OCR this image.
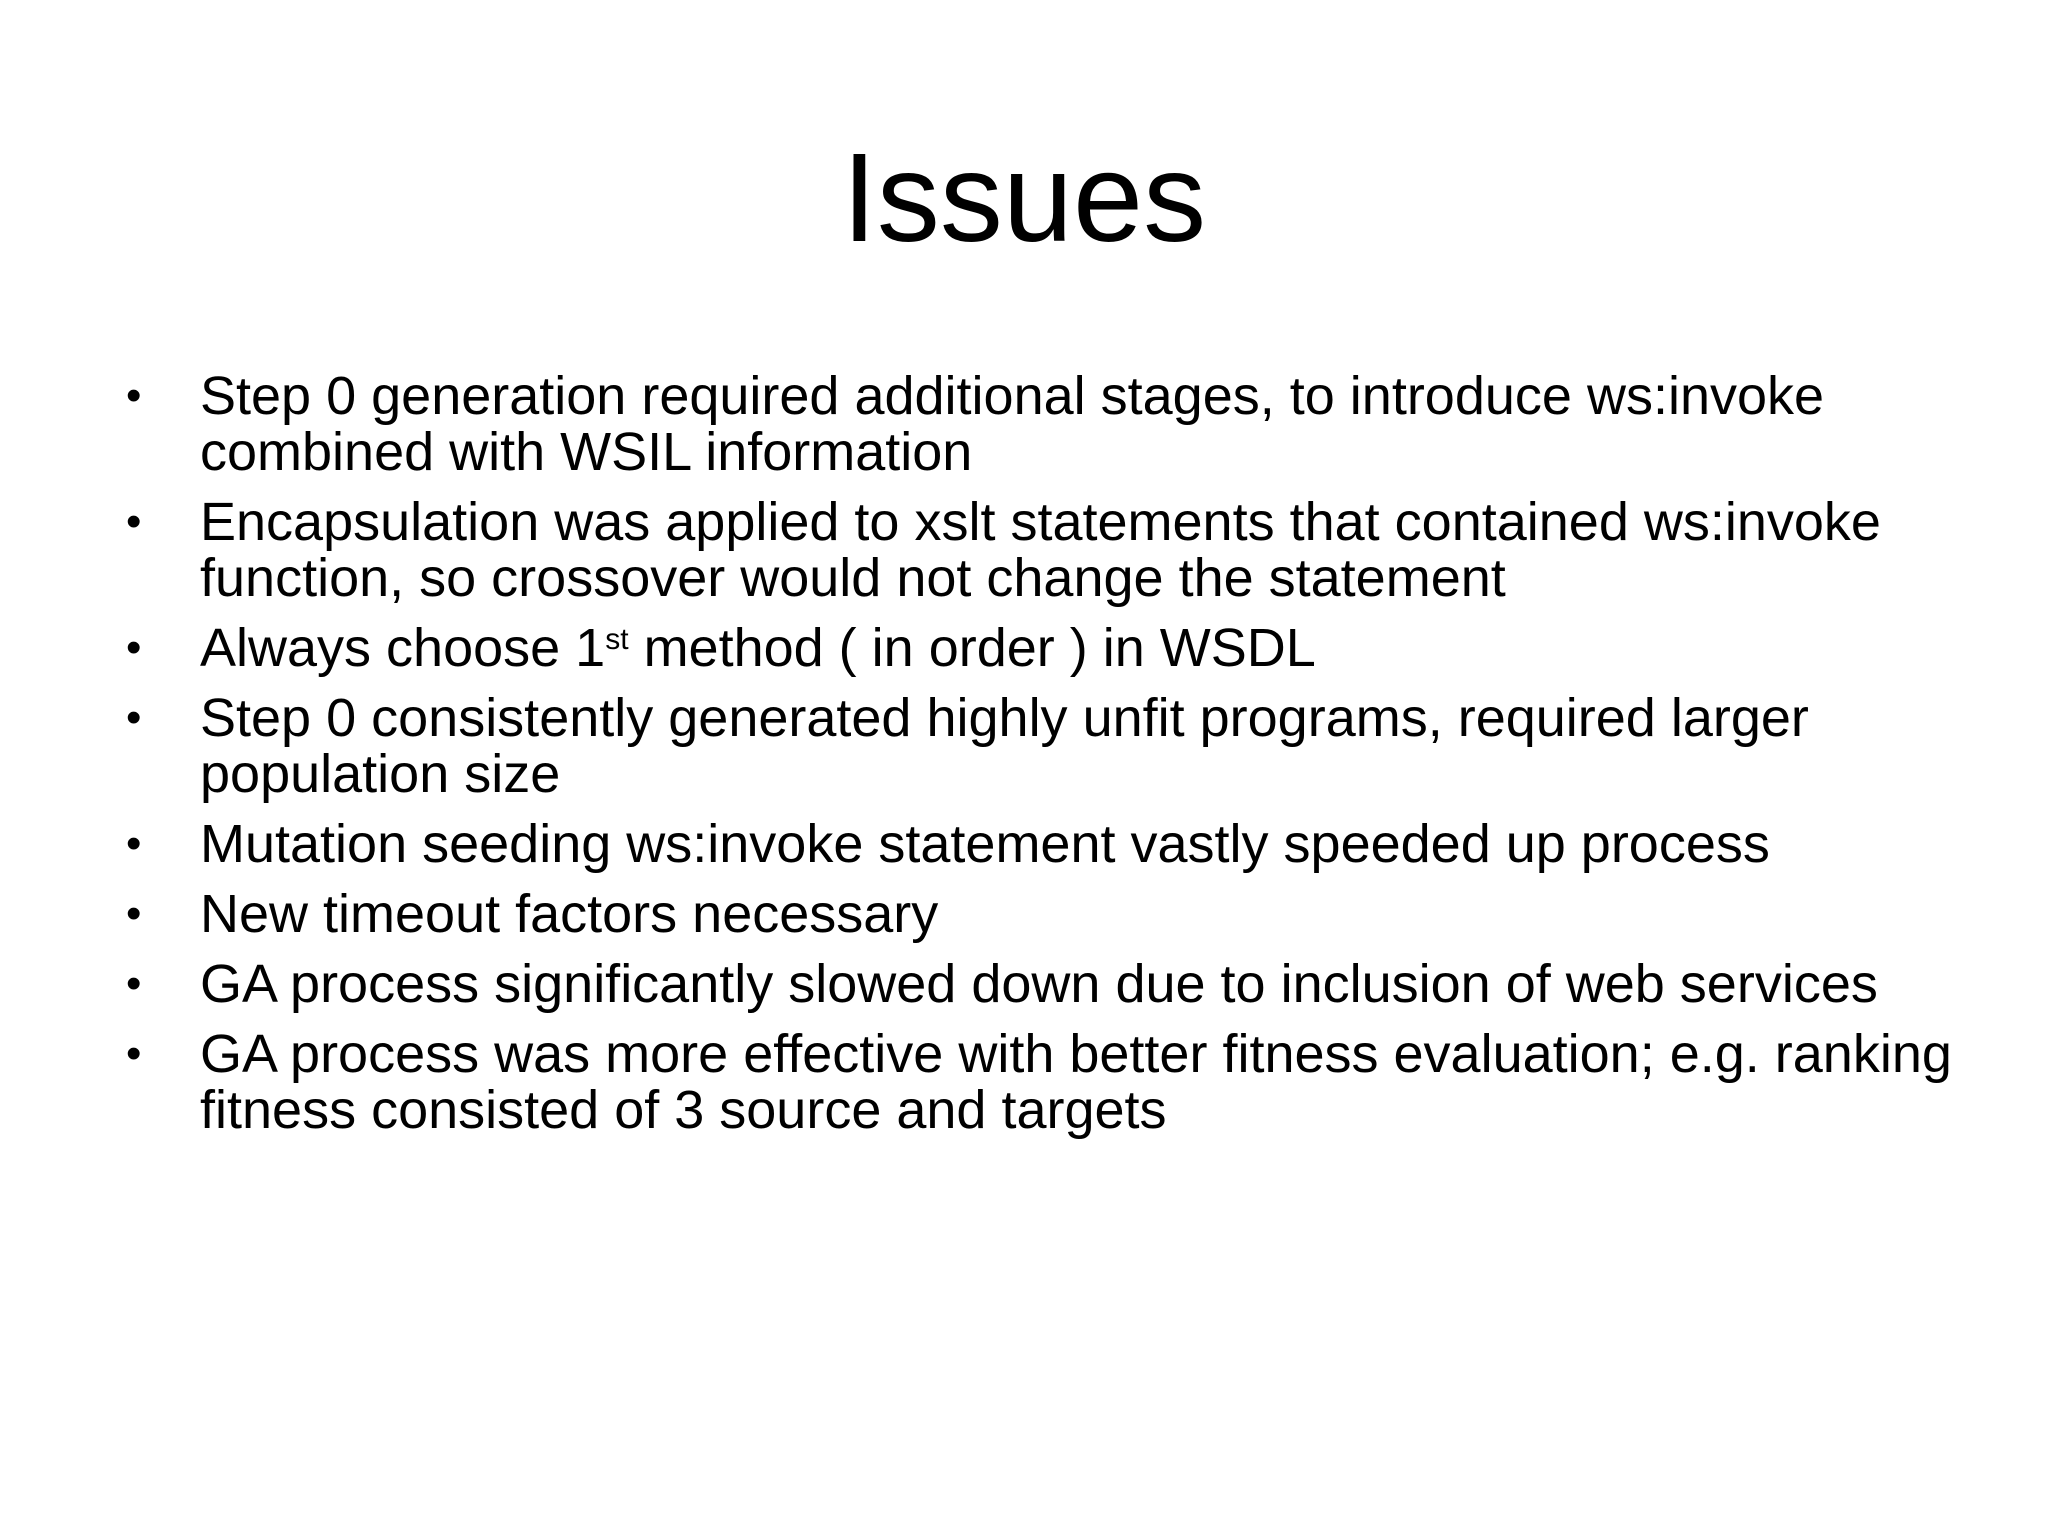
Issues
• Step 0 generation required additional stages, to introduce ws:invoke combined with WSIL information
• Encapsulation was applied to xslt statements that contained ws:invoke function, so crossover would not change the statement
• Always choose 1st method ( in order ) in WSDL
• Step 0 consistently generated highly unfit programs, required larger population size
• Mutation seeding ws:invoke statement vastly speeded up process
• New timeout factors necessary
• GA process significantly slowed down due to inclusion of web services
• GA process was more effective with better fitness evaluation; e.g. ranking fitness consisted of 3 source and targets
